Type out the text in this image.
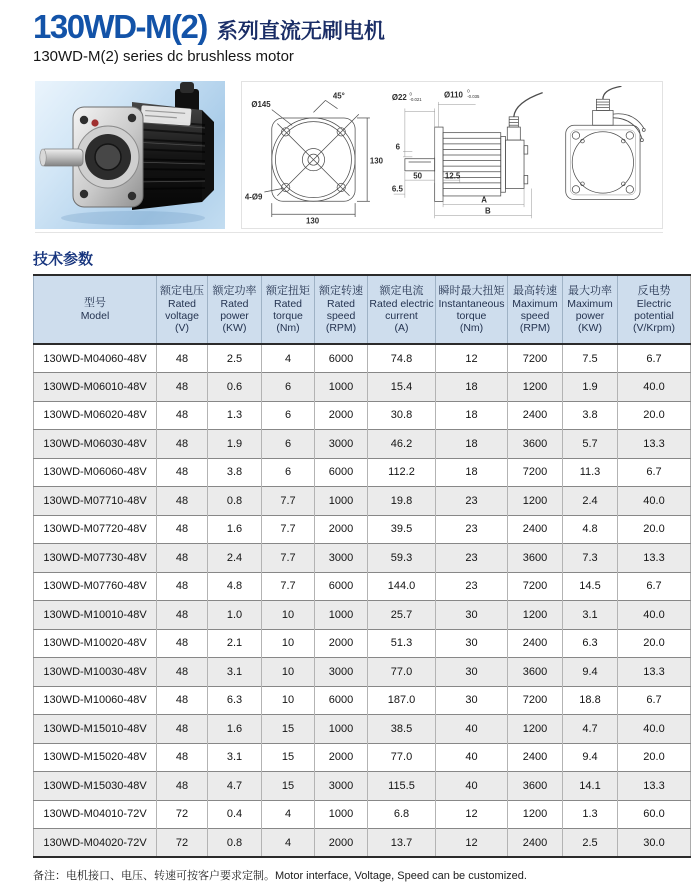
130WD-M(2) 系列直流无刷电机
130WD-M(2) series dc brushless motor
Ø145
45°
130
4-Ø9
130
Ø22 0
-0.021
6
Ø110 0
-0.035
50	12.5
6.5
A
B
技术参数
型号
Model

额定电压
Rated voltage
(V)

额定功率
Rated power
(KW)

额定扭矩
Rated torque
(Nm)

额定转速
Rated speed
(RPM)

额定电流
Rated electric current
(A)

瞬时最大扭矩
Instantaneous torque
(Nm)

最高转速
Maximum speed
(RPM)

最大功率
Maximum power
(KW)

反电势
Electric potential
(V/Krpm)

130WD-M04060-48V	48	2.5	4	6000	74.8	12	7200	7.5	6.7
130WD-M06010-48V	48	0.6	6	1000	15.4	18	1200	1.9	40.0
130WD-M06020-48V	48	1.3	6	2000	30.8	18	2400	3.8	20.0
130WD-M06030-48V	48	1.9	6	3000	46.2	18	3600	5.7	13.3
130WD-M06060-48V	48	3.8	6	6000	112.2	18	7200	11.3	6.7
130WD-M07710-48V	48	0.8	7.7	1000	19.8	23	1200	2.4	40.0
130WD-M07720-48V	48	1.6	7.7	2000	39.5	23	2400	4.8	20.0
130WD-M07730-48V	48	2.4	7.7	3000	59.3	23	3600	7.3	13.3
130WD-M07760-48V	48	4.8	7.7	6000	144.0	23	7200	14.5	6.7
130WD-M10010-48V	48	1.0	10	1000	25.7	30	1200	3.1	40.0
130WD-M10020-48V	48	2.1	10	2000	51.3	30	2400	6.3	20.0
130WD-M10030-48V	48	3.1	10	3000	77.0	30	3600	9.4	13.3
130WD-M10060-48V	48	6.3	10	6000	187.0	30	7200	18.8	6.7
130WD-M15010-48V	48	1.6	15	1000	38.5	40	1200	4.7	40.0
130WD-M15020-48V	48	3.1	15	2000	77.0	40	2400	9.4	20.0
130WD-M15030-48V	48	4.7	15	3000	115.5	40	3600	14.1	13.3
130WD-M04010-72V	72	0.4	4	1000	6.8	12	1200	1.3	60.0
130WD-M04020-72V	72	0.8	4	2000	13.7	12	2400	2.5	30.0
备注：电机接口、电压、转速可按客户要求定制。Motor interface, Voltage, Speed can be customized.
